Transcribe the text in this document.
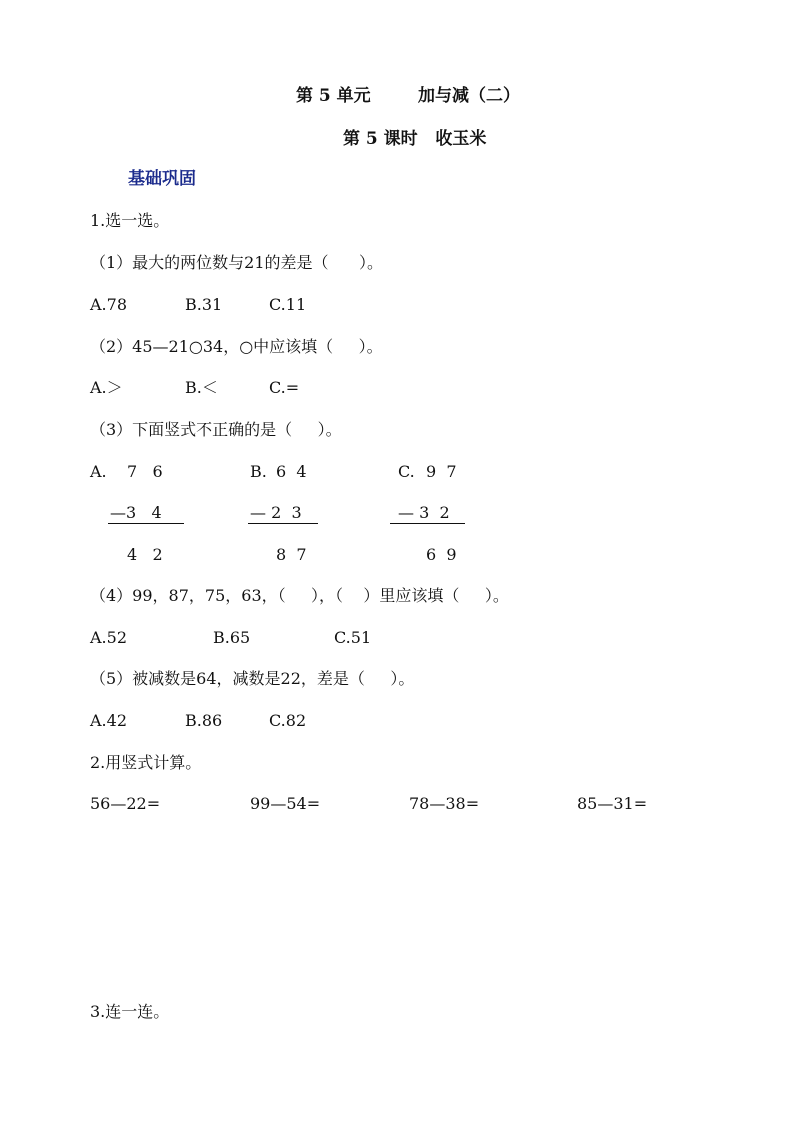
第 5 单元        加与减（二）
第 5 课时   收玉米
基础巩固
1.选一选。
（1）最大的两位数与21的差是（      ）。
A.78	B.31	C.11
（2）45—21○34，○中应该填（     ）。
A.＞	B.＜	C.=
（3）下面竖式不正确的是（     ）。
A. 7   6
—3   4
4   2
B. 6  4
— 2  3
8  7
C. 9  7
— 3  2
6  9
（4）99，87，75，63，（     ），（    ）里应该填（     ）。
A.52	B.65	C.51
（5）被减数是64，减数是22，差是（     ）。
A.42	B.86	C.82
2.用竖式计算。
56—22=	99—54=	78—38=	85—31=
3.连一连。
